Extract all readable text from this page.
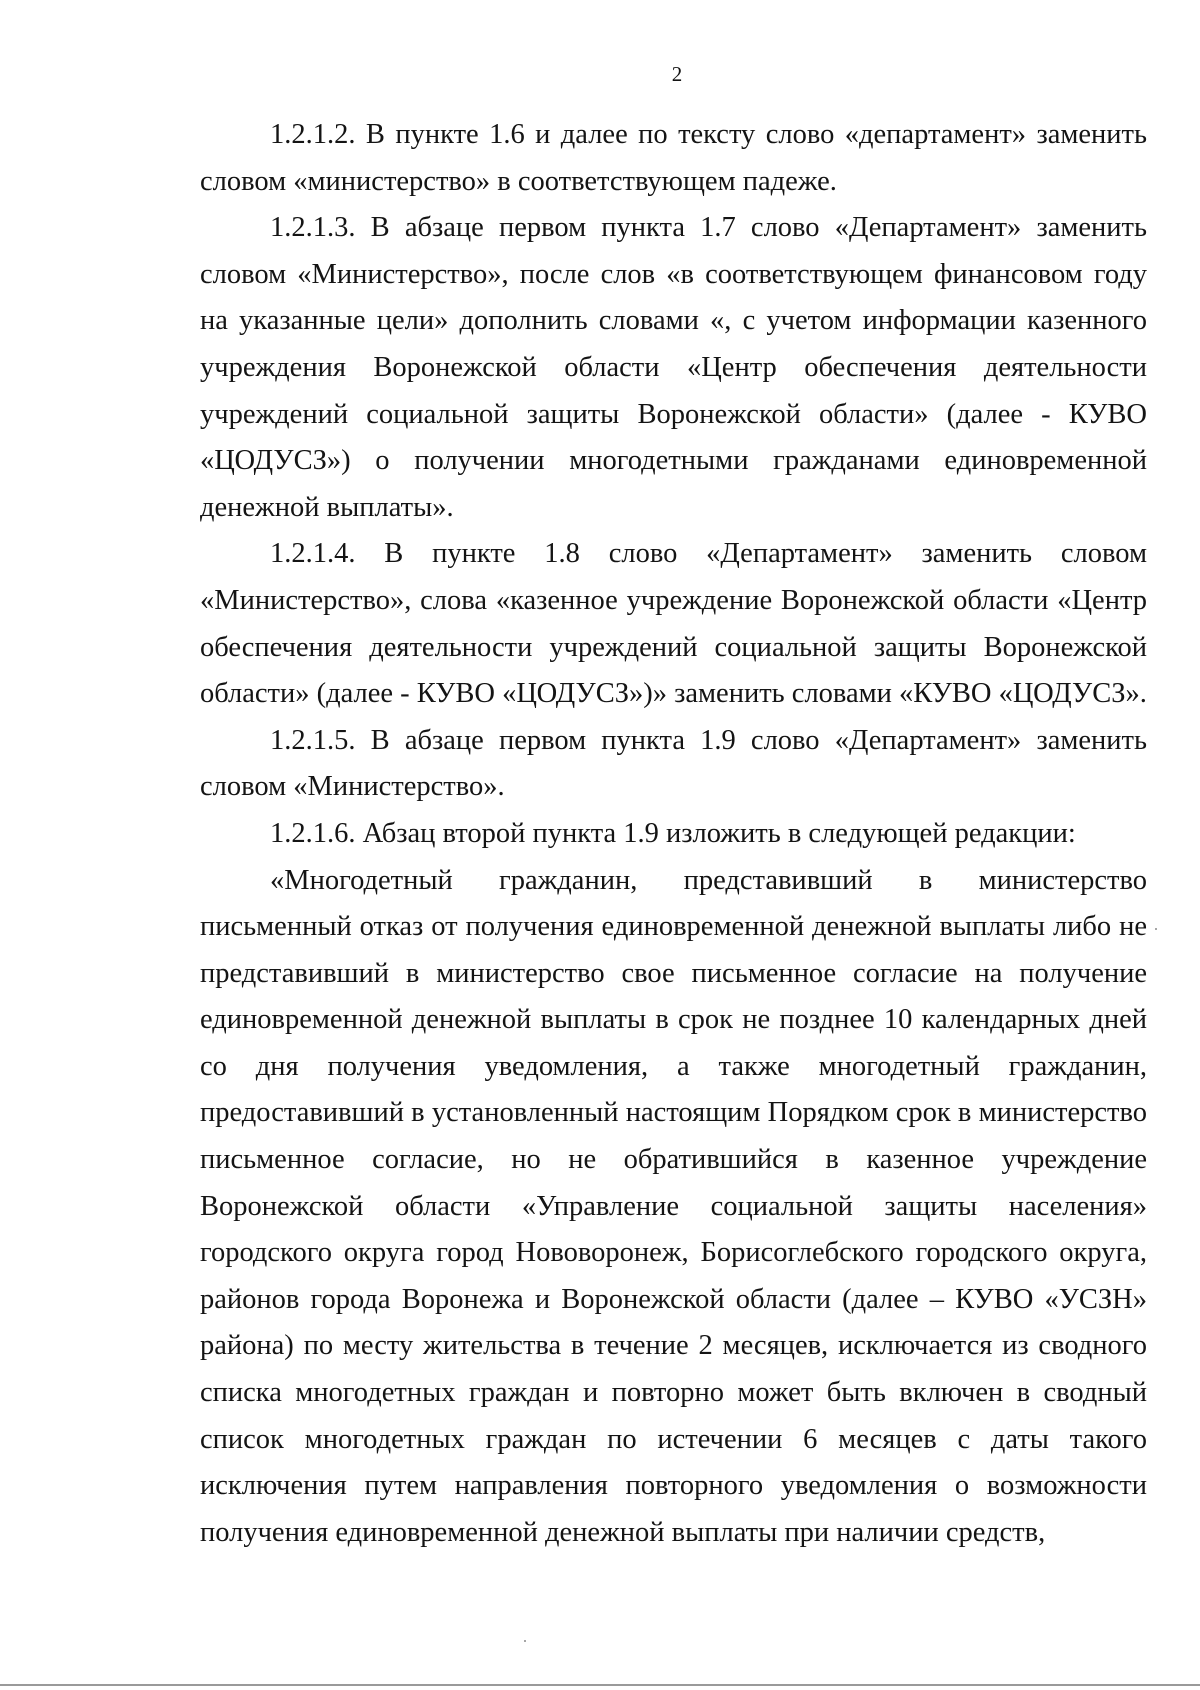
2

1.2.1.2. В пункте 1.6 и далее по тексту слово «департамент» заменить словом «министерство» в соответствующем падеже.

1.2.1.3. В абзаце первом пункта 1.7 слово «Департамент» заменить словом «Министерство», после слов «в соответствующем финансовом году на указанные цели» дополнить словами «, с учетом информации казенного учреждения Воронежской области «Центр обеспечения деятельности учреждений социальной защиты Воронежской области» (далее - КУВО «ЦОДУСЗ») о получении многодетными гражданами единовременной денежной выплаты».

1.2.1.4. В пункте 1.8 слово «Департамент» заменить словом «Министерство», слова «казенное учреждение Воронежской области «Центр обеспечения деятельности учреждений социальной защиты Воронежской области» (далее - КУВО «ЦОДУСЗ»)» заменить словами «КУВО «ЦОДУСЗ».

1.2.1.5. В абзаце первом пункта 1.9 слово «Департамент» заменить словом «Министерство».

1.2.1.6. Абзац второй пункта 1.9 изложить в следующей редакции:

«Многодетный гражданин, представивший в министерство письменный отказ от получения единовременной денежной выплаты либо не представивший в министерство свое письменное согласие на получение единовременной денежной выплаты в срок не позднее 10 календарных дней со дня получения уведомления, а также многодетный гражданин, предоставивший в установленный настоящим Порядком срок в министерство письменное согласие, но не обратившийся в казенное учреждение Воронежской области «Управление социальной защиты населения» городского округа город Нововоронеж, Борисоглебского городского округа, районов города Воронежа и Воронежской области (далее – КУВО «УСЗН» района) по месту жительства в течение 2 месяцев, исключается из сводного списка многодетных граждан и повторно может быть включен в сводный список многодетных граждан по истечении 6 месяцев с даты такого исключения путем направления повторного уведомления о возможности получения единовременной денежной выплаты при наличии средств,
